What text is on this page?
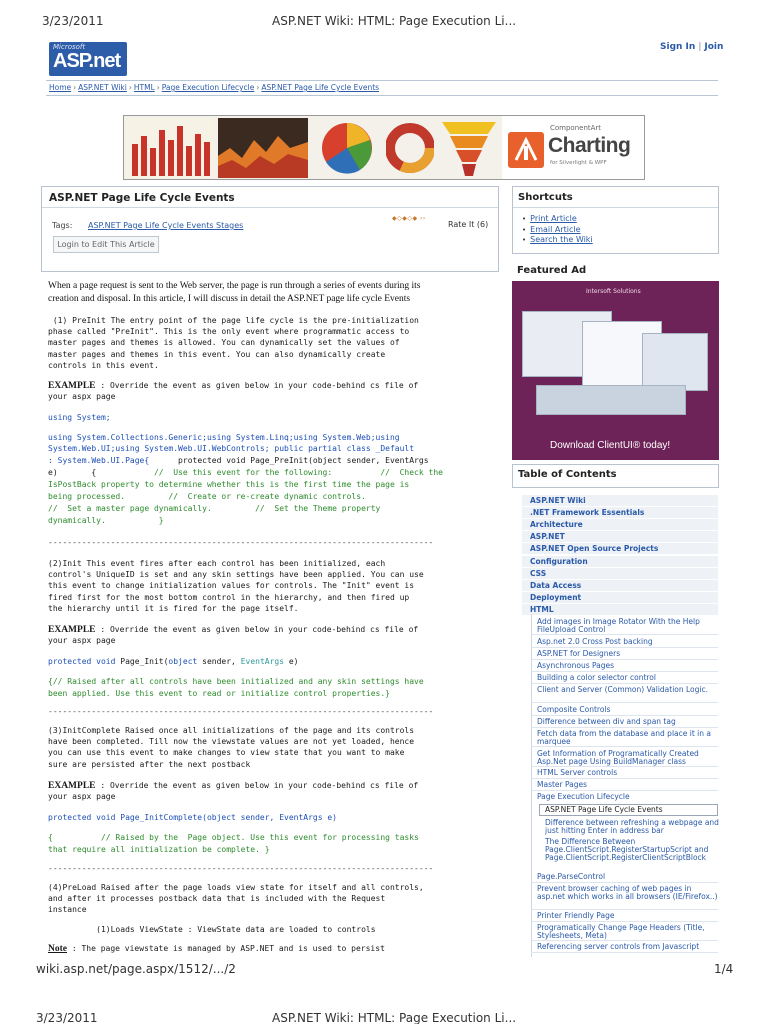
3/23/2011	ASP.NET Wiki: HTML: Page Execution Li...
Microsoft
ASP.net
Sign In | Join
Home › ASP.NET Wiki › HTML › Page Execution Lifecycle › ASP.NET Page Life Cycle Events
ComponentArt
Charting
for Silverlight & WPF
ASP.NET Page Life Cycle Events
Tags: ASP.NET Page Life Cycle Events Stages
◆◇◆◇◆ ››
Rate It (6)
Login to Edit This Article
When a page request is sent to the Web server, the page is run through a series of events during its
creation and disposal. In this article, I will discuss in detail the ASP.NET page life cycle Events
(1) PreInit The entry point of the page life cycle is the pre-initialization
phase called "PreInit". This is the only event where programmatic access to
master pages and themes is allowed. You can dynamically set the values of
master pages and themes in this event. You can also dynamically create
controls in this event.
EXAMPLE : Override the event as given below in your code-behind cs file of
your aspx page
using System;
using System.Collections.Generic;using System.Linq;using System.Web;using
System.Web.UI;using System.Web.UI.WebControls; public partial class _Default
: System.Web.UI.Page{      protected void Page_PreInit(object sender, EventArgs
e)       {            //  Use this event for the following:          //  Check the
IsPostBack property to determine whether this is the first time the page is
being processed.         //  Create or re-create dynamic controls.
//  Set a master page dynamically.         //  Set the Theme property
dynamically.           }
--------------------------------------------------------------------------------
(2)Init This event fires after each control has been initialized, each
control's UniqueID is set and any skin settings have been applied. You can use
this event to change initialization values for controls. The "Init" event is
fired first for the most bottom control in the hierarchy, and then fired up
the hierarchy until it is fired for the page itself.
EXAMPLE : Override the event as given below in your code-behind cs file of
your aspx page
protected void Page_Init(object sender, EventArgs e)
{// Raised after all controls have been initialized and any skin settings have
been applied. Use this event to read or initialize control properties.}
--------------------------------------------------------------------------------
(3)InitComplete Raised once all initializations of the page and its controls
have been completed. Till now the viewstate values are not yet loaded, hence
you can use this event to make changes to view state that you want to make
sure are persisted after the next postback
EXAMPLE : Override the event as given below in your code-behind cs file of
your aspx page
protected void Page_InitComplete(object sender, EventArgs e)
{          // Raised by the  Page object. Use this event for processing tasks
that require all initialization be complete. }
--------------------------------------------------------------------------------
(4)PreLoad Raised after the page loads view state for itself and all controls,
and after it processes postback data that is included with the Request
instance
(1)Loads ViewState : ViewState data are loaded to controls
Note : The page viewstate is managed by ASP.NET and is used to persist
Shortcuts
• Print Article
• Email Article
• Search the Wiki
Featured Ad
Intersoft Solutions
Download ClientUI® today!
Table of Contents
ASP.NET Wiki
.NET Framework Essentials
Architecture
ASP.NET
ASP.NET Open Source Projects
Configuration
CSS
Data Access
Deployment
HTML
Add images in Image Rotator With the Help FileUpload Control
Asp.net 2.0 Cross Post backing
ASP.NET for Designers
Asynchronous Pages
Building a color selector control
Client and Server (Common) Validation Logic.
Composite Controls
Difference between div and span tag
Fetch data from the database and place it in a marquee
Get Information of Programatically Created Asp.Net page Using BuildManager class
HTML Server controls
Master Pages
Page Execution Lifecycle
ASP.NET Page Life Cycle Events
Difference between refreshing a webpage and just hitting Enter in address bar
The Difference Between Page.ClientScript.RegisterStartupScript and Page.ClientScript.RegisterClientScriptBlock
Page.ParseControl
Prevent browser caching of web pages in asp.net which works in all browsers (IE/Firefox..)
Printer Friendly Page
Programatically Change Page Headers (Title, Stylesheets, Meta)
Referencing server controls from Javascript
wiki.asp.net/page.aspx/1512/.../2	1/4
3/23/2011	ASP.NET Wiki: HTML: Page Execution Li...
